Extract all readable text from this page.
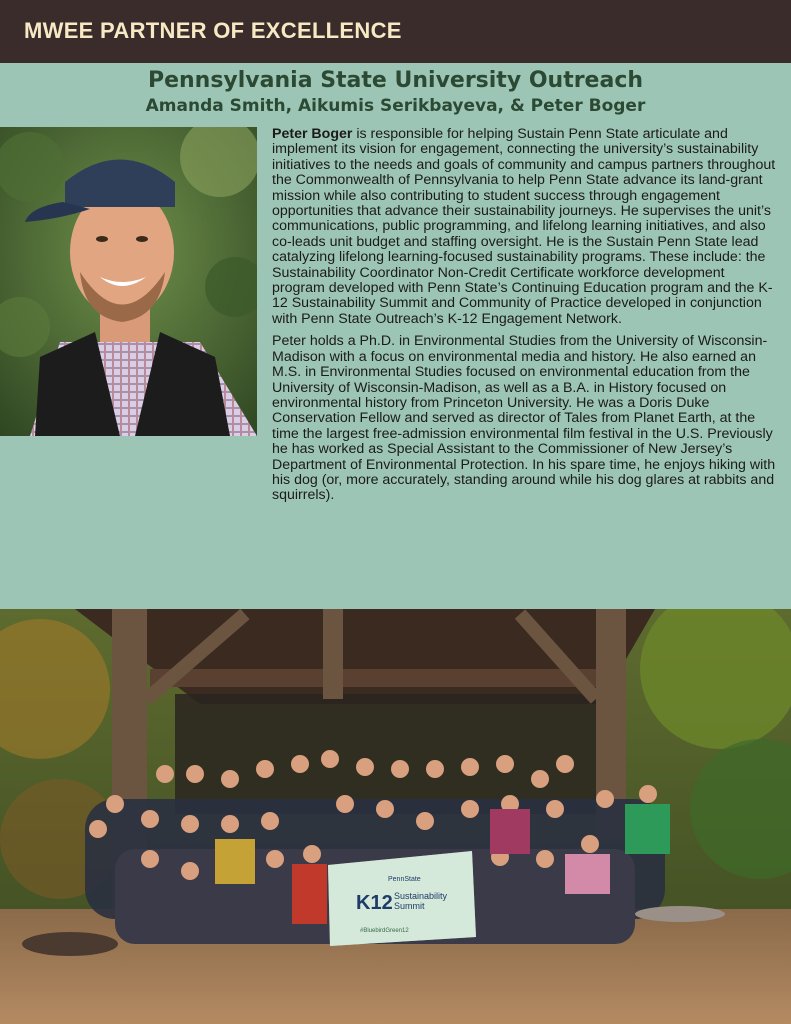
MWEE PARTNER OF EXCELLENCE
Pennsylvania State University Outreach
Amanda Smith, Aikumis Serikbayeva, & Peter Boger

Peter Boger is responsible for helping Sustain Penn State articulate and implement its vision for engagement, connecting the university’s sustainability initiatives to the needs and goals of community and campus partners throughout the Commonwealth of Pennsylvania to help Penn State advance its land-grant mission while also contributing to student success through engagement opportunities that advance their sustainability journeys. He supervises the unit’s communications, public programming, and lifelong learning initiatives, and also co-leads unit budget and staffing oversight. He is the Sustain Penn State lead catalyzing lifelong learning-focused sustainability programs. These include: the Sustainability Coordinator Non-Credit Certificate workforce development program developed with Penn State’s Continuing Education program and the K-12 Sustainability Summit and Community of Practice developed in conjunction with Penn State Outreach’s K-12 Engagement Network.

Peter holds a Ph.D. in Environmental Studies from the University of Wisconsin-Madison with a focus on environmental media and history. He also earned an M.S. in Environmental Studies focused on environmental education from the University of Wisconsin-Madison, as well as a B.A. in History focused on environmental history from Princeton University. He was a Doris Duke Conservation Fellow and served as director of Tales from Planet Earth, at the time the largest free-admission environmental film festival in the U.S. Previously he has worked as Special Assistant to the Commissioner of New Jersey’s Department of Environmental Protection. In his spare time, he enjoys hiking with his dog (or, more accurately, standing around while his dog glares at rabbits and squirrels).

PennState
K12 Sustainability
Summit
#BluebirdGreen12
